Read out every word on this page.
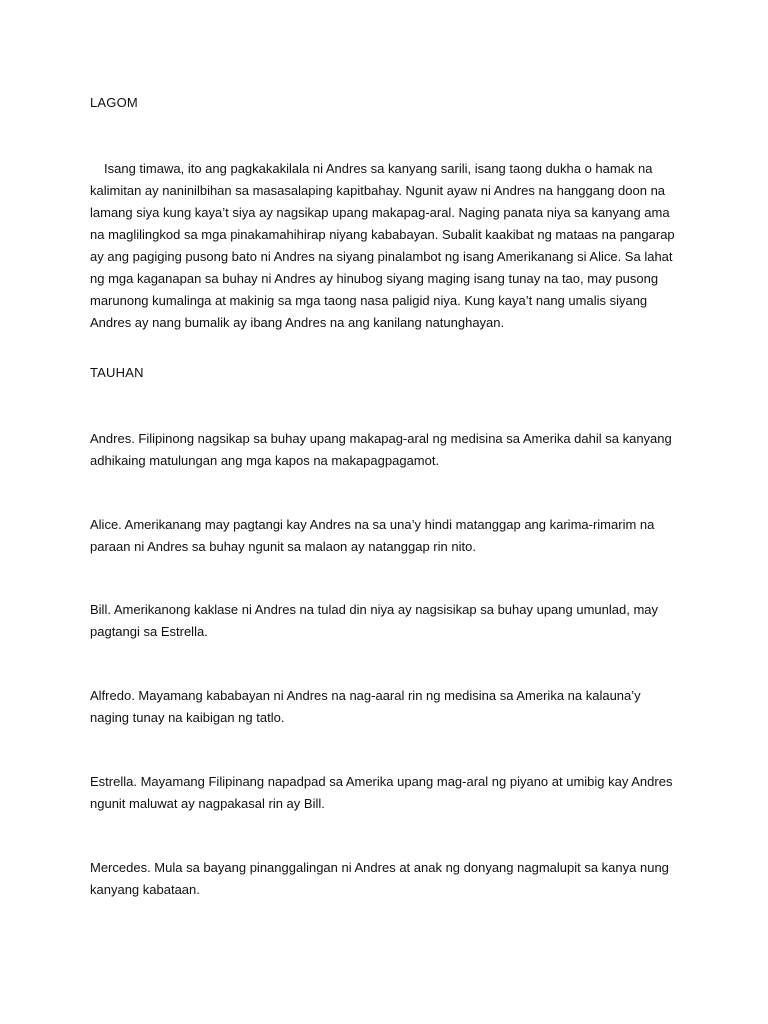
LAGOM

Isang timawa, ito ang pagkakakilala ni Andres sa kanyang sarili, isang taong dukha o hamak na kalimitan ay naninilbihan sa masasalaping kapitbahay. Ngunit ayaw ni Andres na hanggang doon na lamang siya kung kaya’t siya ay nagsikap upang makapag-aral. Naging panata niya sa kanyang ama na maglilingkod sa mga pinakamahihirap niyang kababayan. Subalit kaakibat ng mataas na pangarap ay ang pagiging pusong bato ni Andres na siyang pinalambot ng isang Amerikanang si Alice. Sa lahat ng mga kaganapan sa buhay ni Andres ay hinubog siyang maging isang tunay na tao, may pusong marunong kumalinga at makinig sa mga taong nasa paligid niya. Kung kaya’t nang umalis siyang Andres ay nang bumalik ay ibang Andres na ang kanilang natunghayan.

TAUHAN

Andres. Filipinong nagsikap sa buhay upang makapag-aral ng medisina sa Amerika dahil sa kanyang adhikaing matulungan ang mga kapos na makapagpagamot.

Alice. Amerikanang may pagtangi kay Andres na sa una’y hindi matanggap ang karima-rimarim na paraan ni Andres sa buhay ngunit sa malaon ay natanggap rin nito.

Bill. Amerikanong kaklase ni Andres na tulad din niya ay nagsisikap sa buhay upang umunlad, may pagtangi sa Estrella.

Alfredo. Mayamang kababayan ni Andres na nag-aaral rin ng medisina sa Amerika na kalauna’y naging tunay na kaibigan ng tatlo.

Estrella. Mayamang Filipinang napadpad sa Amerika upang mag-aral ng piyano at umibig kay Andres ngunit maluwat ay nagpakasal rin ay Bill.

Mercedes. Mula sa bayang pinanggalingan ni Andres at anak ng donyang nagmalupit sa kanya nung kanyang kabataan.
